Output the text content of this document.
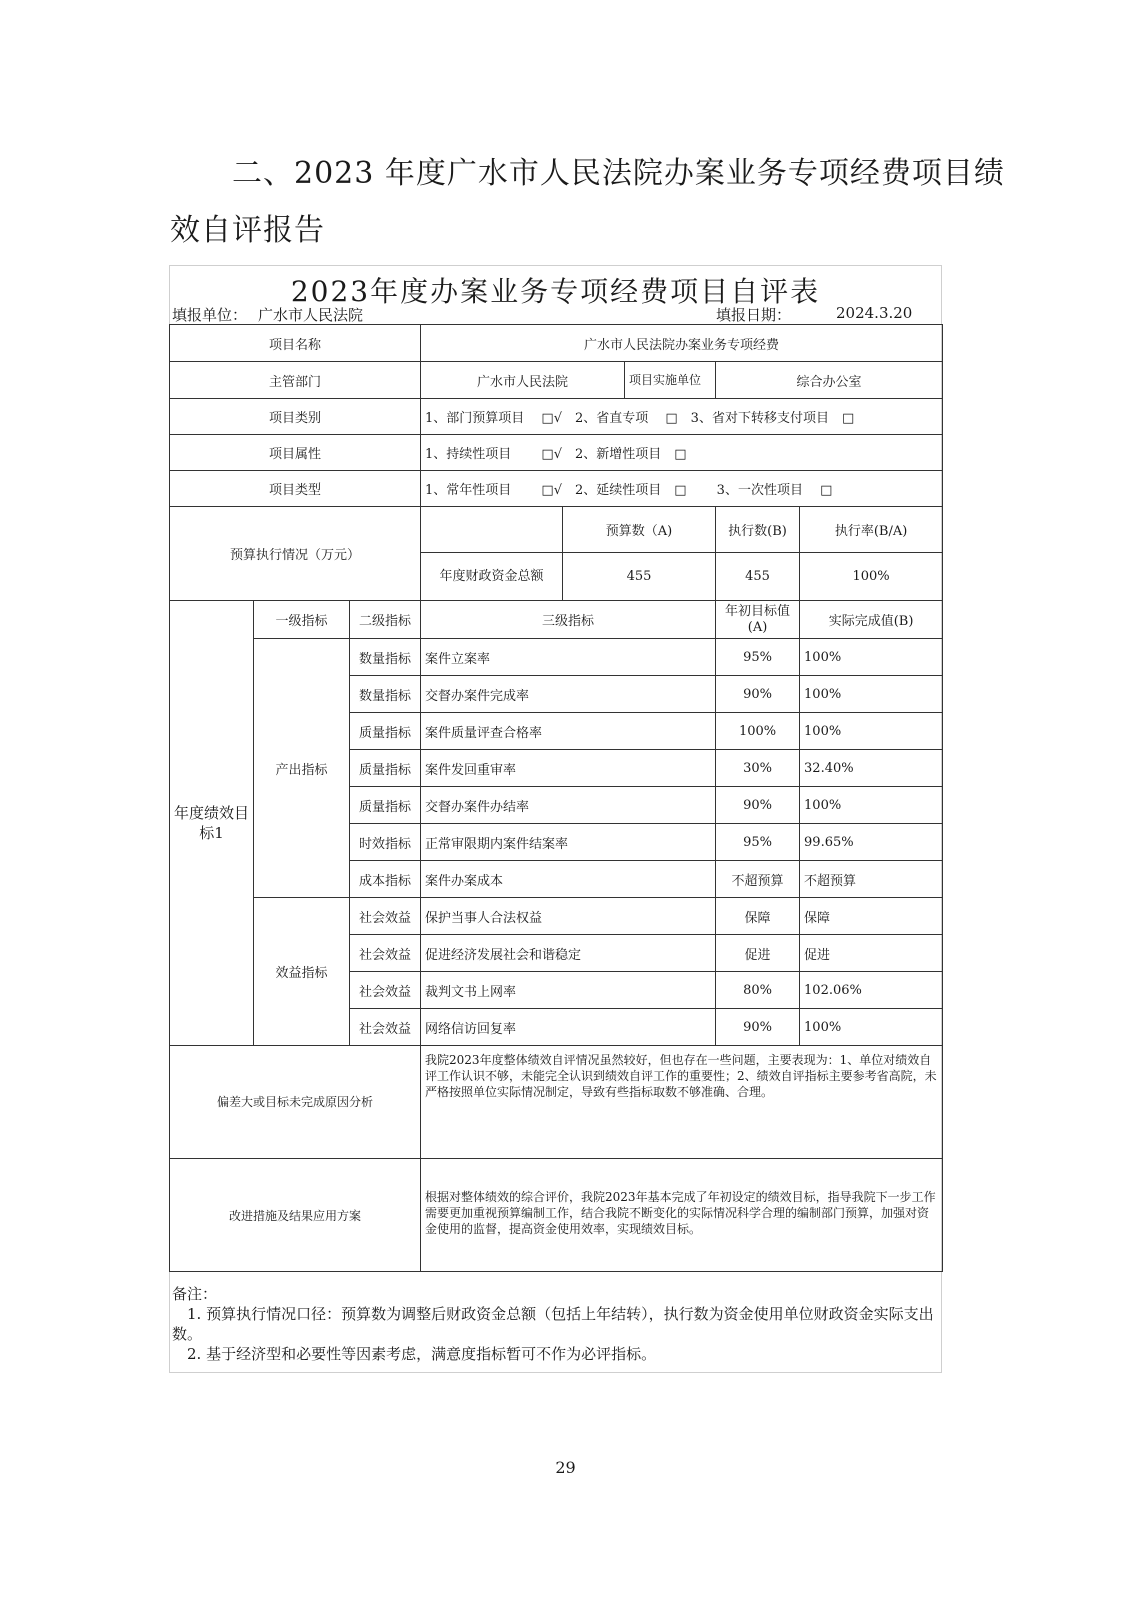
二、2023 年度广水市人民法院办案业务专项经费项目绩
效自评报告
2023年度办案业务专项经费项目自评表
填报单位： 广水市人民法院	填报日期：	2024.3.20
项目名称			广水市人民法院办案业务专项经费				
主管部门			广水市人民法院		项目实施单位	综合办公室	
项目类别			1、部门预算项目　 □√　2、省直专项　 □　3、省对下转移支付项目　□				
项目属性			1、持续性项目　　 □√　2、新增性项目　□				
项目类型			1、常年性项目　　 □√　2、延续性项目　□　　 3、一次性项目　 □				
预算执行情况（万元）				预算数（A)		执行数(B)	执行率(B/A)
			年度财政资金总额	455		455	100%
年度绩效目标1	一级指标	二级指标	三级指标			年初目标值(A)	实际完成值(B)
	产出指标	数量指标	案件立案率			95%	100%
		数量指标	交督办案件完成率			90%	100%
		质量指标	案件质量评查合格率			100%	100%
		质量指标	案件发回重审率			30%	32.40%
		质量指标	交督办案件办结率			90%	100%
		时效指标	正常审限期内案件结案率			95%	99.65%
		成本指标	案件办案成本			不超预算	不超预算
	效益指标	社会效益	保护当事人合法权益			保障	保障
		社会效益	促进经济发展社会和谐稳定			促进	促进
		社会效益	裁判文书上网率			80%	102.06%
		社会效益	网络信访回复率			90%	100%
偏差大或目标未完成原因分析			我院2023年度整体绩效自评情况虽然较好，但也存在一些问题，主要表现为：1、单位对绩效自评工作认识不够，未能完全认识到绩效自评工作的重要性；2、绩效自评指标主要参考省高院，未严格按照单位实际情况制定，导致有些指标取数不够准确、合理。				
改进措施及结果应用方案			根据对整体绩效的综合评价，我院2023年基本完成了年初设定的绩效目标，指导我院下一步工作需要更加重视预算编制工作，结合我院不断变化的实际情况科学合理的编制部门预算，加强对资金使用的监督，提高资金使用效率，实现绩效目标。				

备注：

　1. 预算执行情况口径：预算数为调整后财政资金总额（包括上年结转），执行数为资金使用单位财政资金实际支出数。

　2. 基于经济型和必要性等因素考虑，满意度指标暂可不作为必评指标。

29
